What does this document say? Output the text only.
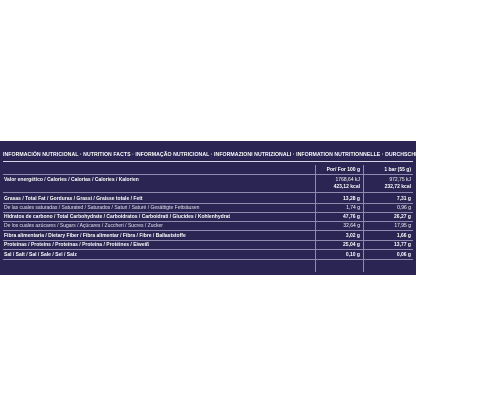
INFORMACIÓN NUTRICIONAL · NUTRITION FACTS · INFORMAÇÃO NUTRICIONAL · INFORMAZIONI NUTRIZIONALI · INFORMATION NUTRITIONNELLE · DURCHSCHNITTLICHE NÄHRWERTE
Por/ For 100 g	1 bar (55 g)
Valor energético / Calories / Calorias / Calories / Kalorien	1768,64 kJ	972,75 kJ
423,12 kcal	232,72 kcal
Grasas / Total Fat / Gorduras / Grassi / Graisse totale / Fett	13,28 g	7,31 g
De las cuales saturadas / Saturated / Saturados / Saturi / Saturé / Gesättigte Fettsäusen	1,74 g	0,96 g
Hidratos de carbono / Total Carbohydrate / Carboidratos / Carboidrati / Glucides / Kohlenhydrat	47,76 g	26,27 g
De los cuales azúcares / Sugars / Açúcares / Zuccheri / Sucres / Zucker	32,64 g	17,95 g
Fibra alimentaria / Dietary Fiber / Fibra alimentar / Fibra / Fibre / Ballaststoffe	3,02 g	1,66 g
Proteínas / Proteins / Proteínas / Proteina / Protéines / Eiweiß	25,04 g	13,77 g
Sal / Salt / Sal / Sale / Sel / Salz	0,10 g	0,06 g
